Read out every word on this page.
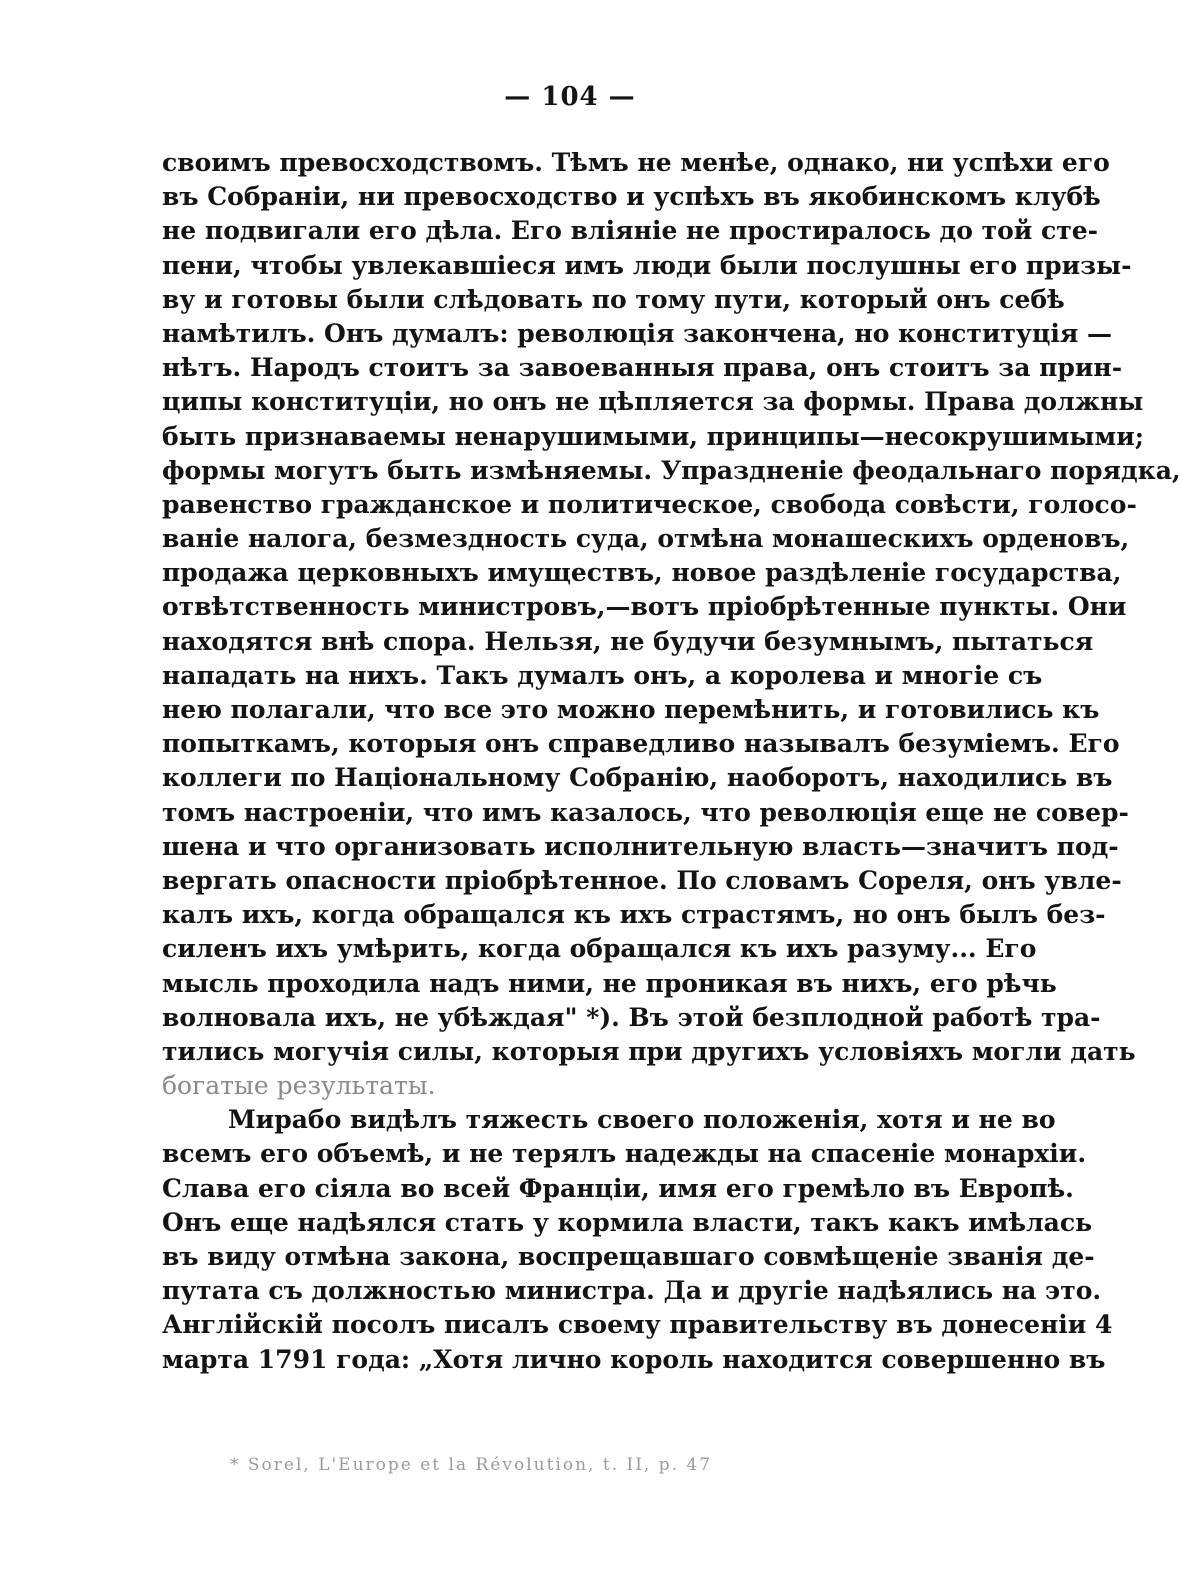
— 104 —
своимъ превосходствомъ. Тѣмъ не менѣе, однако, ни успѣхи его
въ Собраніи, ни превосходство и успѣхъ въ якобинскомъ клубѣ
не подвигали его дѣла. Его вліяніе не простиралось до той сте-
пени, чтобы увлекавшіеся имъ люди были послушны его призы-
ву и готовы были слѣдовать по тому пути, который онъ себѣ
намѣтилъ. Онъ думалъ: революція закончена, но конституція —
нѣтъ. Народъ стоитъ за завоеванныя права, онъ стоитъ за прин-
ципы конституціи, но онъ не цѣпляется за формы. Права должны
быть признаваемы ненарушимыми, принципы—несокрушимыми;
формы могутъ быть измѣняемы. Упраздненіе феодальнаго порядка,
равенство гражданское и политическое, свобода совѣсти, голосо-
ваніе налога, безмездность суда, отмѣна монашескихъ орденовъ,
продажа церковныхъ имуществъ, новое раздѣленіе государства,
отвѣтственность министровъ,—вотъ пріобрѣтенные пункты. Они
находятся внѣ спора. Нельзя, не будучи безумнымъ, пытаться
нападать на нихъ. Такъ думалъ онъ, а королева и многіе съ
нею полагали, что все это можно перемѣнить, и готовились къ
попыткамъ, которыя онъ справедливо называлъ безуміемъ. Его
коллеги по Національному Собранію, наоборотъ, находились въ
томъ настроеніи, что имъ казалось, что революція еще не совер-
шена и что организовать исполнительную власть—значитъ под-
вергать опасности пріобрѣтенное. По словамъ Сореля, онъ увле-
калъ ихъ, когда обращался къ ихъ страстямъ, но онъ былъ без-
силенъ ихъ умѣрить, когда обращался къ ихъ разуму... Его
мысль проходила надъ ними, не проникая въ нихъ, его рѣчь
волновала ихъ, не убѣждая" *). Въ этой безплодной работѣ тра-
тились могучія силы, которыя при другихъ условіяхъ могли дать
богатые результаты.
Мирабо видѣлъ тяжесть своего положенія, хотя и не во
всемъ его объемѣ, и не терялъ надежды на спасеніе монархіи.
Слава его сіяла во всей Франціи, имя его гремѣло въ Европѣ.
Онъ еще надѣялся стать у кормила власти, такъ какъ имѣлась
въ виду отмѣна закона, воспрещавшаго совмѣщеніе званія де-
путата съ должностью министра. Да и другіе надѣялись на это.
Англійскій посолъ писалъ своему правительству въ донесеніи 4
марта 1791 года: „Хотя лично король находится совершенно въ
* Sorel, L'Europe et la Révolution, t. II, p. 47
